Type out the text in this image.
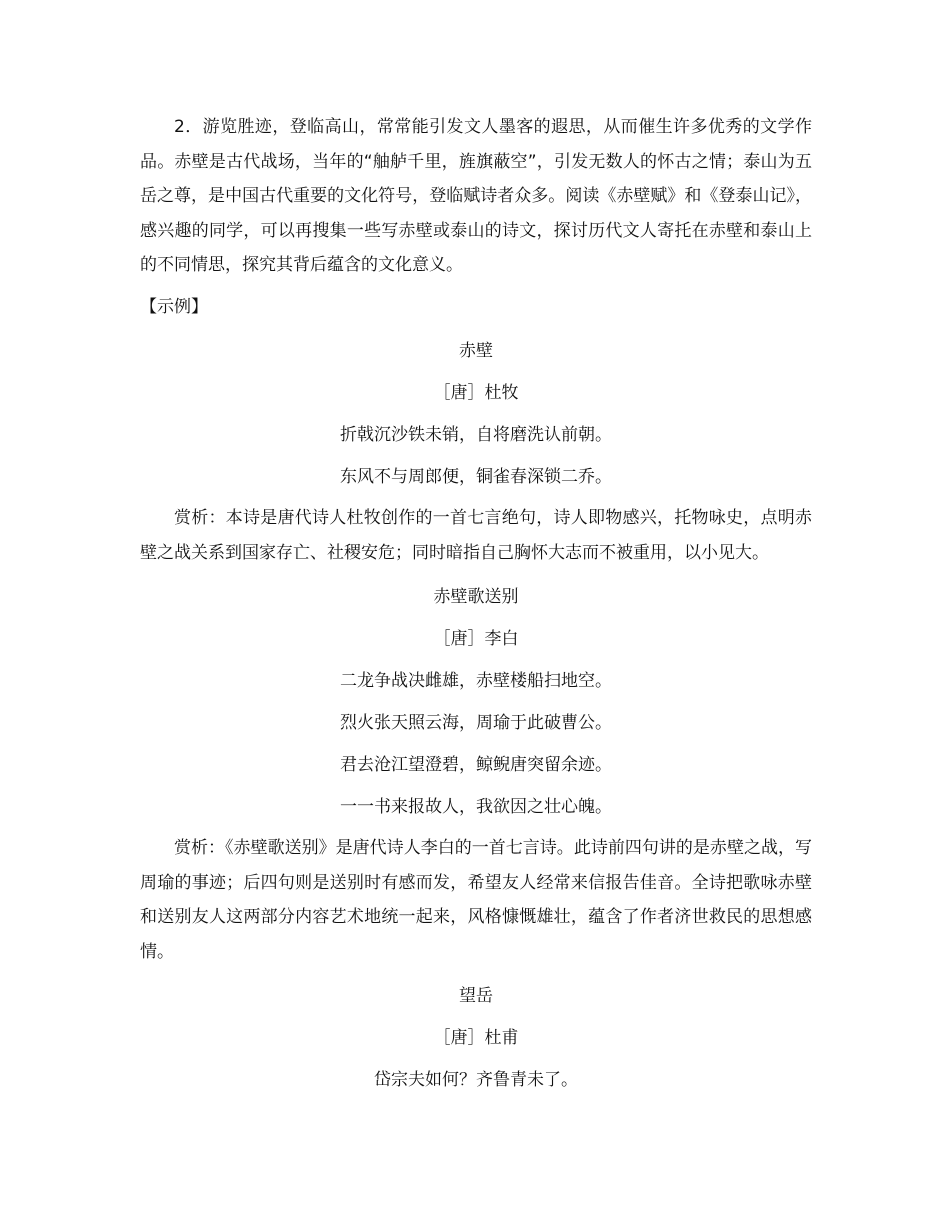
2．游览胜迹，登临高山，常常能引发文人墨客的遐思，从而催生许多优秀的文学作品。赤壁是古代战场，当年的“舳舻千里，旌旗蔽空”，引发无数人的怀古之情；泰山为五岳之尊，是中国古代重要的文化符号，登临赋诗者众多。阅读《赤壁赋》和《登泰山记》，感兴趣的同学，可以再搜集一些写赤壁或泰山的诗文，探讨历代文人寄托在赤壁和泰山上的不同情思，探究其背后蕴含的文化意义。

【示例】

赤壁

［唐］杜牧

折戟沉沙铁未销，自将磨洗认前朝。

东风不与周郎便，铜雀春深锁二乔。

赏析：本诗是唐代诗人杜牧创作的一首七言绝句，诗人即物感兴，托物咏史，点明赤壁之战关系到国家存亡、社稷安危；同时暗指自己胸怀大志而不被重用，以小见大。

赤壁歌送别

［唐］李白

二龙争战决雌雄，赤壁楼船扫地空。

烈火张天照云海，周瑜于此破曹公。

君去沧江望澄碧，鲸鲵唐突留余迹。

一一书来报故人，我欲因之壮心魄。

赏析：《赤壁歌送别》是唐代诗人李白的一首七言诗。此诗前四句讲的是赤壁之战，写周瑜的事迹；后四句则是送别时有感而发，希望友人经常来信报告佳音。全诗把歌咏赤壁和送别友人这两部分内容艺术地统一起来，风格慷慨雄壮，蕴含了作者济世救民的思想感情。

望岳

［唐］杜甫

岱宗夫如何？齐鲁青未了。
